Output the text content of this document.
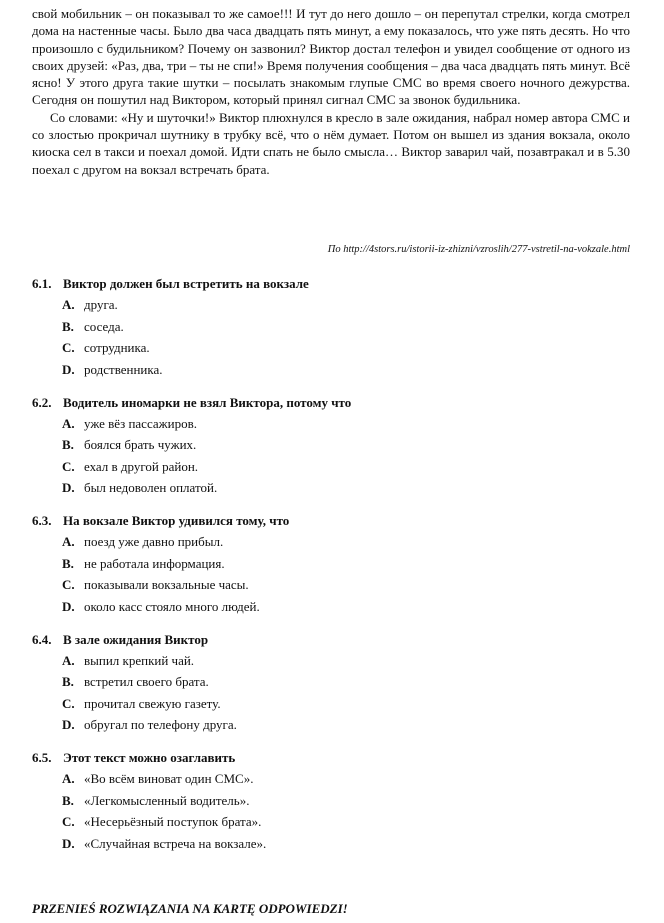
свой мобильник – он показывал то же самое!!! И тут до него дошло – он перепутал стрелки, когда смотрел дома на настенные часы. Было два часа двадцать пять минут, а ему показалось, что уже пять десять. Но что произошло с будильником? Почему он зазвонил? Виктор достал телефон и увидел сообщение от одного из своих друзей: «Раз, два, три – ты не спи!» Время получения сообщения – два часа двадцать пять минут. Всё ясно! У этого друга такие шутки – посылать знакомым глупые СМС во время своего ночного дежурства. Сегодня он пошутил над Виктором, который принял сигнал СМС за звонок будильника.

Со словами: «Ну и шуточки!» Виктор плюхнулся в кресло в зале ожидания, набрал номер автора СМС и со злостью прокричал шутнику в трубку всё, что о нём думает. Потом он вышел из здания вокзала, около киоска сел в такси и поехал домой. Идти спать не было смысла… Виктор заварил чай, позавтракал и в 5.30 поехал с другом на вокзал встречать брата.

По http://4stors.ru/istorii-iz-zhizni/vzroslih/277-vstretil-na-vokzale.html
6.1. Виктор должен был встретить на вокзале
A. друга.
B. соседа.
C. сотрудника.
D. родственника.
6.2. Водитель иномарки не взял Виктора, потому что
A. уже вёз пассажиров.
B. боялся брать чужих.
C. ехал в другой район.
D. был недоволен оплатой.
6.3. На вокзале Виктор удивился тому, что
A. поезд уже давно прибыл.
B. не работала информация.
C. показывали вокзальные часы.
D. около касс стояло много людей.
6.4. В зале ожидания Виктор
A. выпил крепкий чай.
B. встретил своего брата.
C. прочитал свежую газету.
D. обругал по телефону друга.
6.5. Этот текст можно озаглавить
A. «Во всём виноват один СМС».
B. «Легкомысленный водитель».
C. «Несерьёзный поступок брата».
D. «Случайная встреча на вокзале».
PRZENIEŚ ROZWIĄZANIA NA KARTĘ ODPOWIEDZI!
